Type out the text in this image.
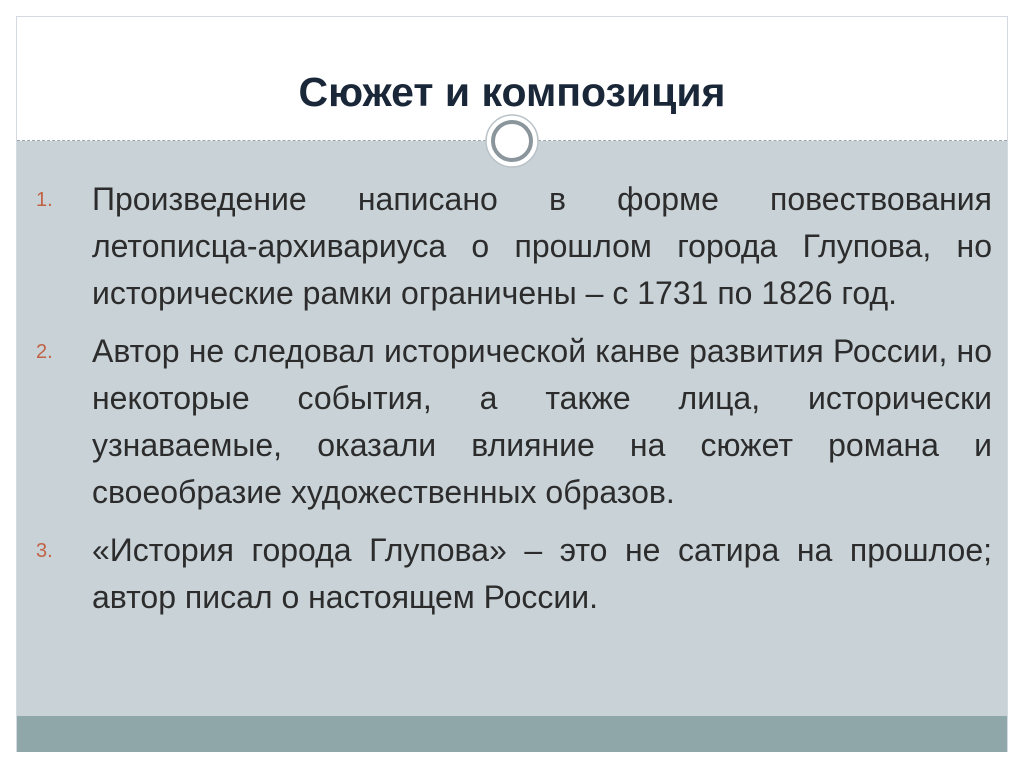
Сюжет и композиция
1. Произведение написано в форме повествования летописца-архивариуса о прошлом города Глупова, но исторические рамки ограничены – с 1731 по 1826 год.
2. Автор не следовал исторической канве развития России, но некоторые события, а также лица, исторически узнаваемые, оказали влияние на сюжет романа и своеобразие художественных образов.
3. «История города Глупова» – это не сатира на прошлое; автор писал о настоящем России.
